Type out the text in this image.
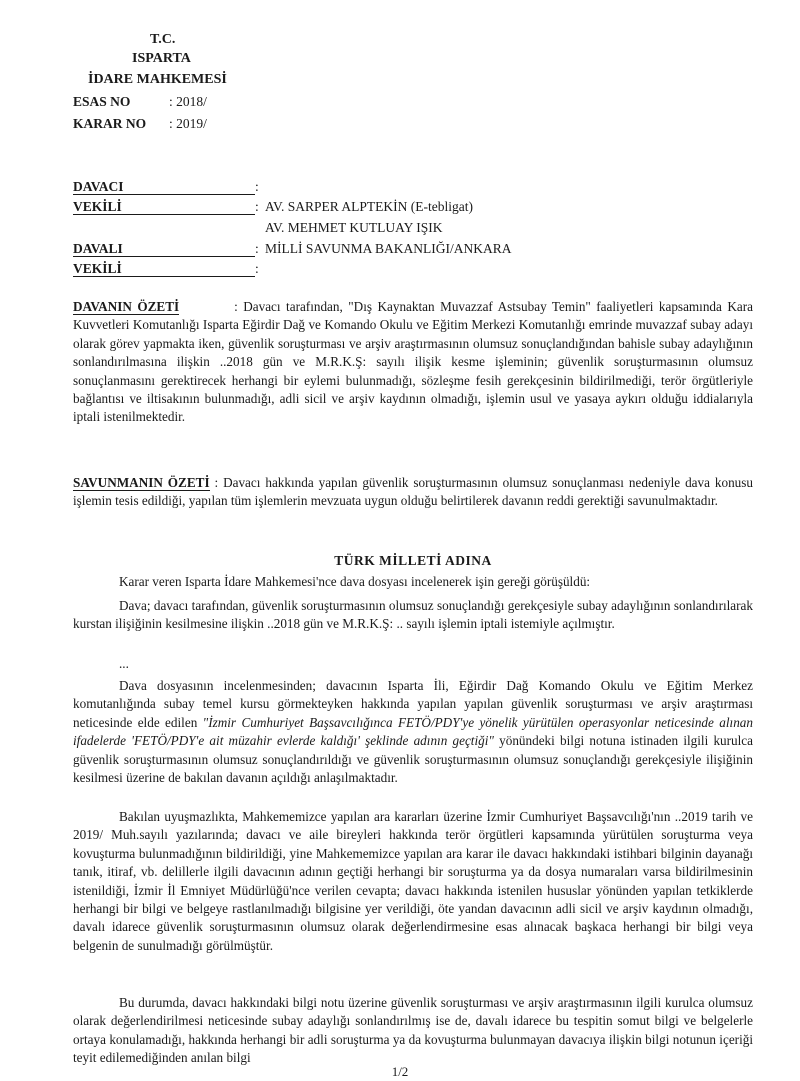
T.C.
ISPARTA
İDARE MAHKEMESİ
ESAS NO	: 2018/
KARAR NO : 2019/
DAVACI	:
VEKİLİ	: AV. SARPER ALPTEKİN (E-tebligat)
AV. MEHMET KUTLUAY IŞIK
DAVALI	: MİLLİ SAVUNMA BAKANLIĞI/ANKARA
VEKİLİ	:

DAVANIN ÖZETİ	: Davacı tarafından, "Dış Kaynaktan Muvazzaf Astsubay Temin" faaliyetleri kapsamında Kara Kuvvetleri Komutanlığı Isparta Eğirdir Dağ ve Komando Okulu ve Eğitim Merkezi Komutanlığı emrinde muvazzaf subay adayı olarak görev yapmakta iken, güvenlik soruşturması ve arşiv araştırmasının olumsuz sonuçlandığından bahisle subay adaylığının sonlandırılmasına ilişkin ..2018 gün ve M.R.K.Ş: sayılı ilişik kesme işleminin; güvenlik soruşturmasının olumsuz sonuçlanmasını gerektirecek herhangi bir eylemi bulunmadığı, sözleşme fesih gerekçesinin bildirilmediği, terör örgütleriyle bağlantısı ve iltisakının bulunmadığı, adli sicil ve arşiv kaydının olmadığı, işlemin usul ve yasaya aykırı olduğu iddialarıyla iptali istenilmektedir.

SAVUNMANIN ÖZETİ : Davacı hakkında yapılan güvenlik soruşturmasının olumsuz sonuçlanması nedeniyle dava konusu işlemin tesis edildiği, yapılan tüm işlemlerin mevzuata uygun olduğu belirtilerek davanın reddi gerektiği savunulmaktadır.

TÜRK MİLLETİ ADINA

Karar veren Isparta İdare Mahkemesi'nce dava dosyası incelenerek işin gereği görüşüldü:

Dava; davacı tarafından, güvenlik soruşturmasının olumsuz sonuçlandığı gerekçesiyle subay adaylığının sonlandırılarak kurstan ilişiğinin kesilmesine ilişkin ..2018 gün ve M.R.K.Ş: .. sayılı işlemin iptali istemiyle açılmıştır.

...

Dava dosyasının incelenmesinden; davacının Isparta İli, Eğirdir Dağ Komando Okulu ve Eğitim Merkez komutanlığında subay temel kursu görmekteyken hakkında yapılan yapılan güvenlik soruşturması ve arşiv araştırması neticesinde elde edilen "İzmir Cumhuriyet Başsavcılığınca FETÖ/PDY'ye yönelik yürütülen operasyonlar neticesinde alınan ifadelerde 'FETÖ/PDY'e ait müzahir evlerde kaldığı' şeklinde adının geçtiği" yönündeki bilgi notuna istinaden ilgili kurulca güvenlik soruşturmasının olumsuz sonuçlandırıldığı ve güvenlik soruşturmasının olumsuz sonuçlandığı gerekçesiyle ilişiğinin kesilmesi üzerine de bakılan davanın açıldığı anlaşılmaktadır.

Bakılan uyuşmazlıkta, Mahkememizce yapılan ara kararları üzerine İzmir Cumhuriyet Başsavcılığı'nın ..2019 tarih ve 2019/ Muh.sayılı yazılarında; davacı ve aile bireyleri hakkında terör örgütleri kapsamında yürütülen soruşturma veya kovuşturma bulunmadığının bildirildiği, yine Mahkememizce yapılan ara karar ile davacı hakkındaki istihbari bilginin dayanağı tanık, itiraf, vb. delillerle ilgili davacının adının geçtiği herhangi bir soruşturma ya da dosya numaraları varsa bildirilmesinin istenildiği, İzmir İl Emniyet Müdürlüğü'nce verilen cevapta; davacı hakkında istenilen hususlar yönünden yapılan tetkiklerde herhangi bir bilgi ve belgeye rastlanılmadığı bilgisine yer verildiği, öte yandan davacının adli sicil ve arşiv kaydının olmadığı, davalı idarece güvenlik soruşturmasının olumsuz olarak değerlendirmesine esas alınacak başkaca herhangi bir bilgi veya belgenin de sunulmadığı görülmüştür.

Bu durumda, davacı hakkındaki bilgi notu üzerine güvenlik soruşturması ve arşiv araştırmasının ilgili kurulca olumsuz olarak değerlendirilmesi neticesinde subay adaylığı sonlandırılmış ise de, davalı idarece bu tespitin somut bilgi ve belgelerle ortaya konulamadığı, hakkında herhangi bir adli soruşturma ya da kovuşturma bulunmayan davacıya ilişkin bilgi notunun içeriği teyit edilemediğinden anılan bilgi

1/2
